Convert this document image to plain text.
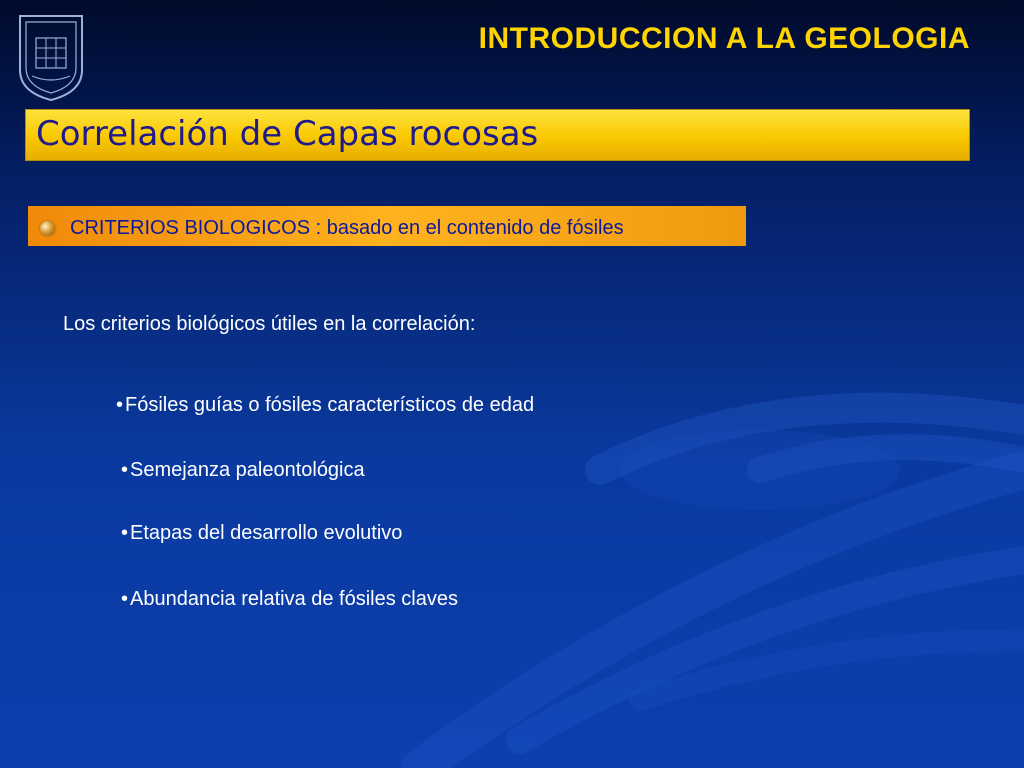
INTRODUCCION A LA GEOLOGIA
Correlación de Capas rocosas
CRITERIOS BIOLOGICOS : basado en el contenido de fósiles
Los criterios biológicos útiles en la correlación:
• Fósiles guías o fósiles característicos de edad
• Semejanza paleontológica
• Etapas del desarrollo evolutivo
• Abundancia relativa de fósiles claves
